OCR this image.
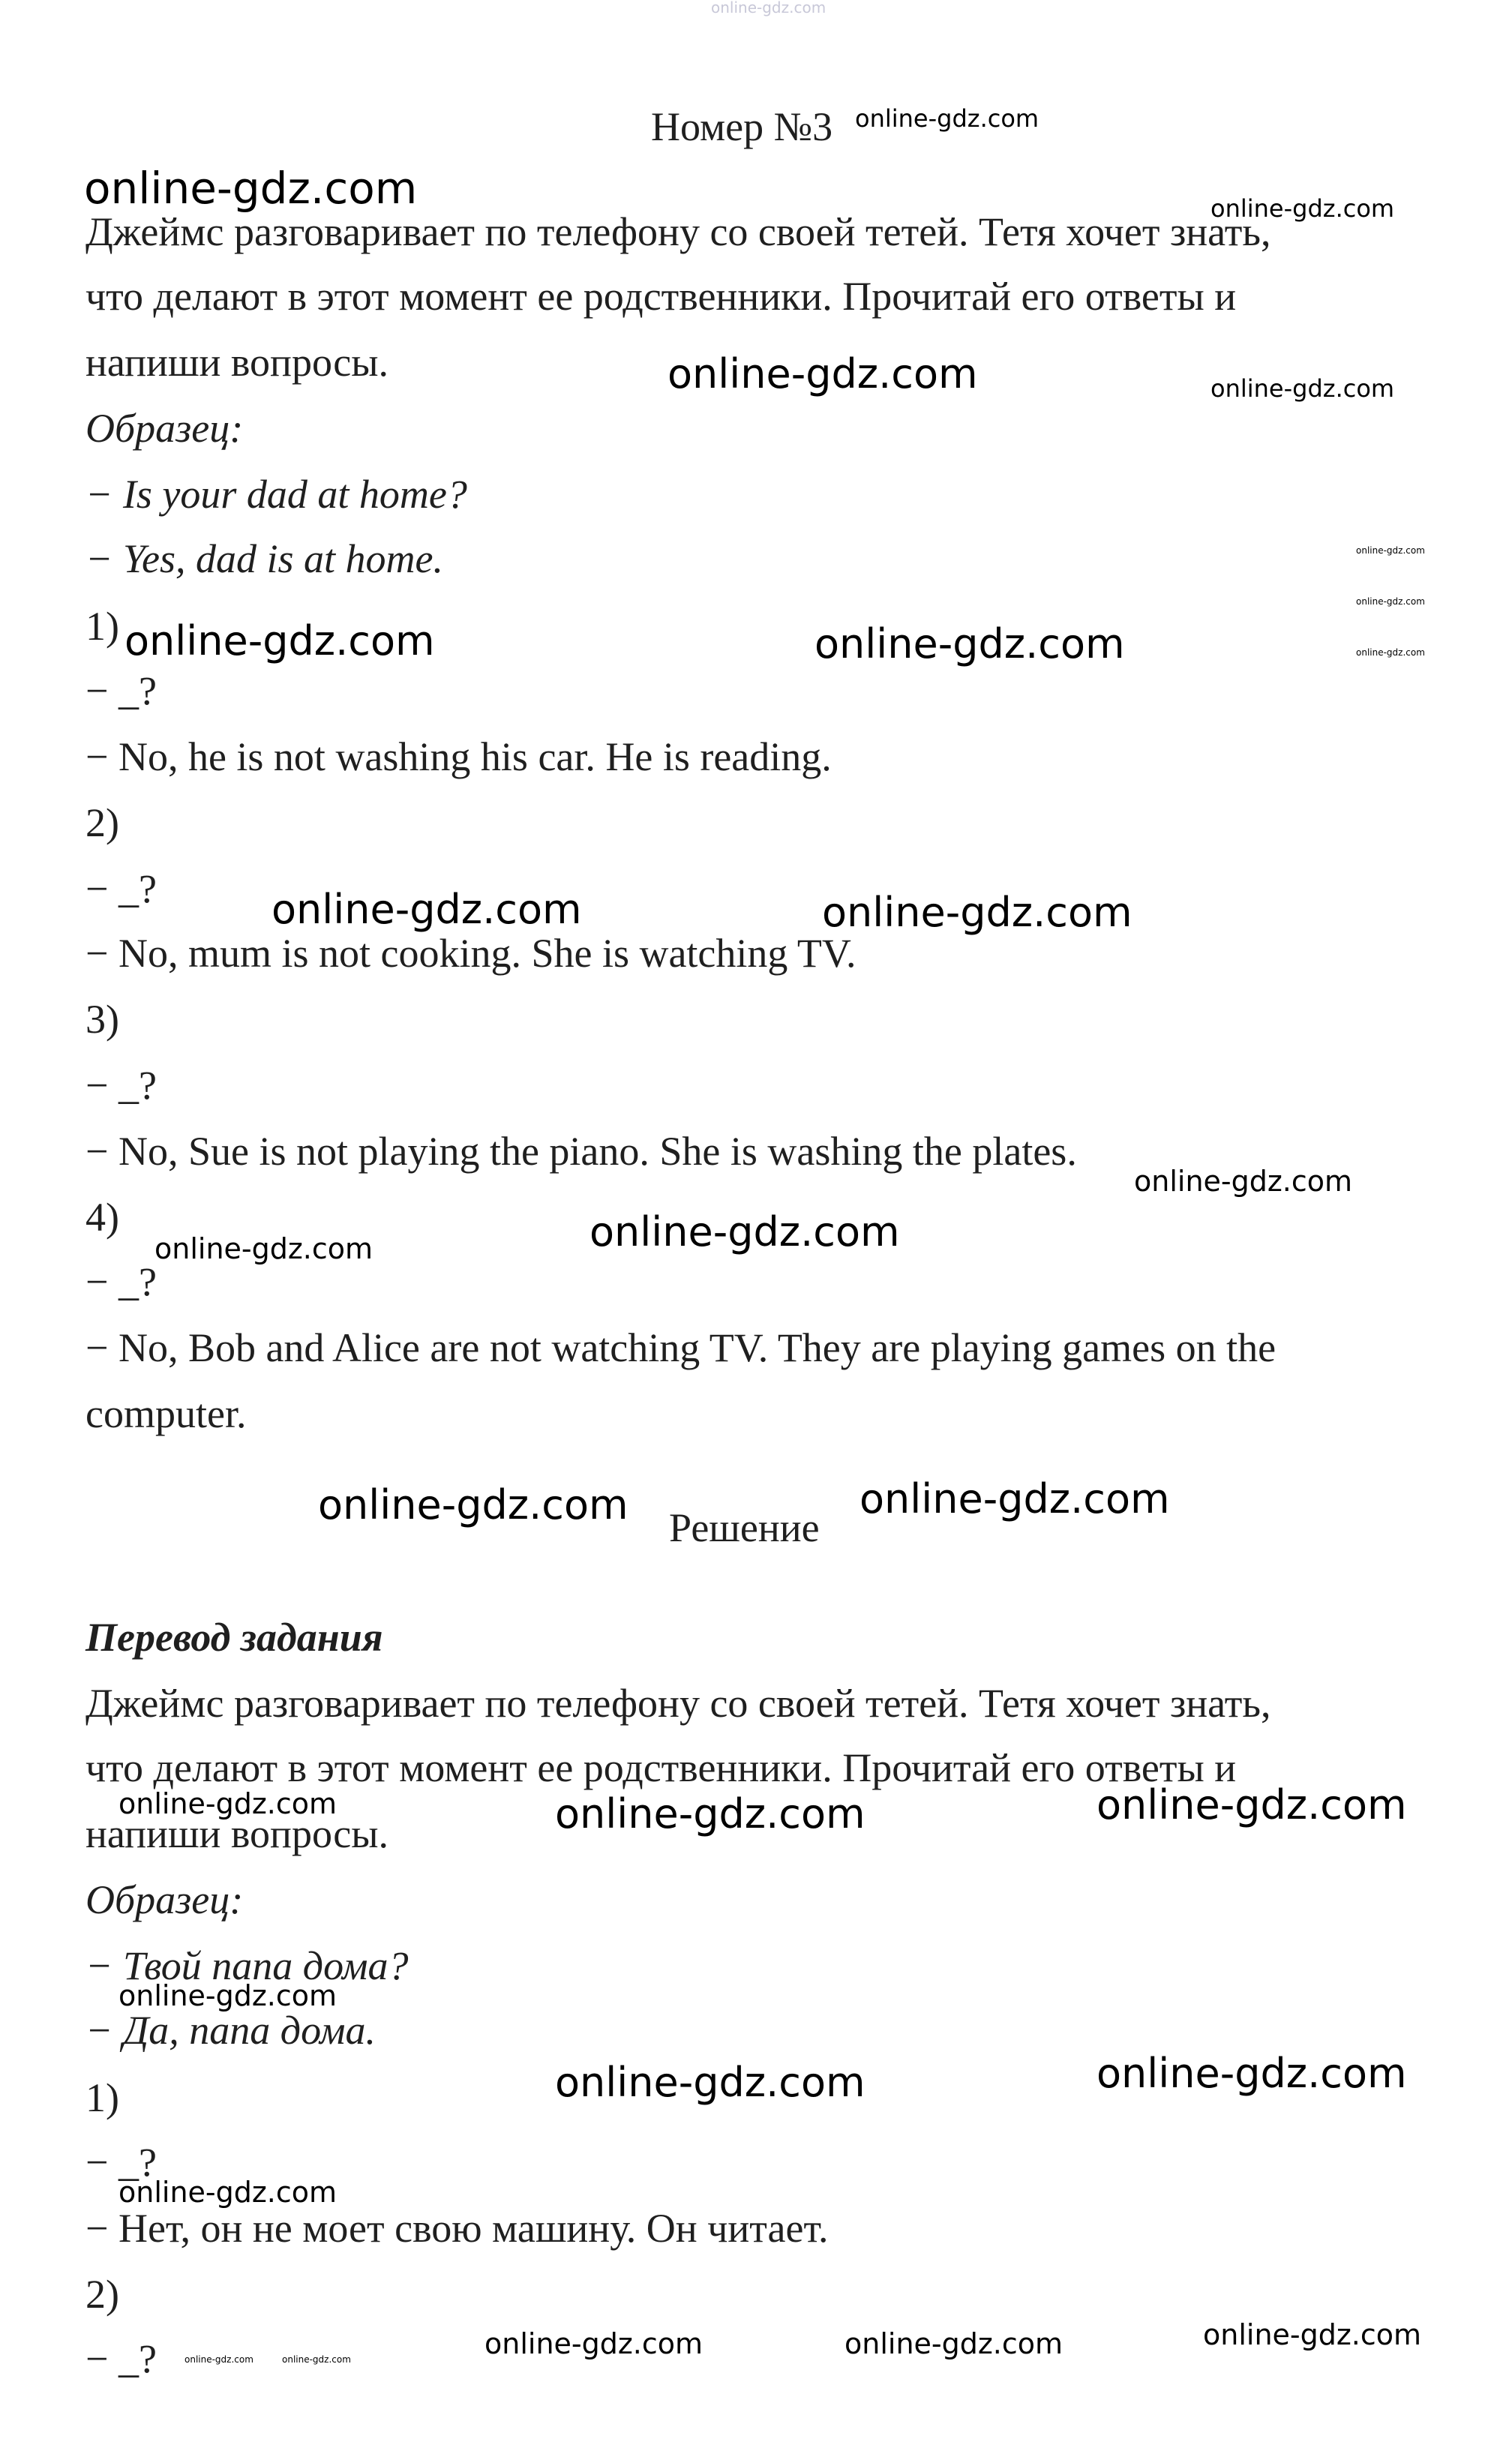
online-gdz.com
Номер №3
Джеймс разговаривает по телефону со своей тетей. Тетя хочет знать,
что делают в этот момент ее родственники. Прочитай его ответы и
напиши вопросы.
Образец:
− Is your dad at home?
− Yes, dad is at home.
1)
− _?
− No, he is not washing his car. He is reading.
2)
− _?
− No, mum is not cooking. She is watching TV.
3)
− _?
− No, Sue is not playing the piano. She is washing the plates.
4)
− _?
− No, Bob and Alice are not watching TV. They are playing games on the
computer.
Решение
Перевод задания
Джеймс разговаривает по телефону со своей тетей. Тетя хочет знать,
что делают в этот момент ее родственники. Прочитай его ответы и
напиши вопросы.
Образец:
− Твой папа дома?
− Да, папа дома.
1)
− _?
− Нет, он не моет свою машину. Он читает.
2)
− _?
online-gdz.com
online-gdz.com	online-gdz.com
online-gdz.com	online-gdz.com
online-gdz.com
online-gdz.com
online-gdz.com
online-gdz.com	online-gdz.com
online-gdz.com	online-gdz.com
online-gdz.com
online-gdz.com	online-gdz.com
online-gdz.com	online-gdz.com
online-gdz.com	online-gdz.com	online-gdz.com
online-gdz.com
online-gdz.com	online-gdz.com
online-gdz.com
online-gdz.com	online-gdz.com	online-gdz.com	online-gdz.com	online-gdz.com
